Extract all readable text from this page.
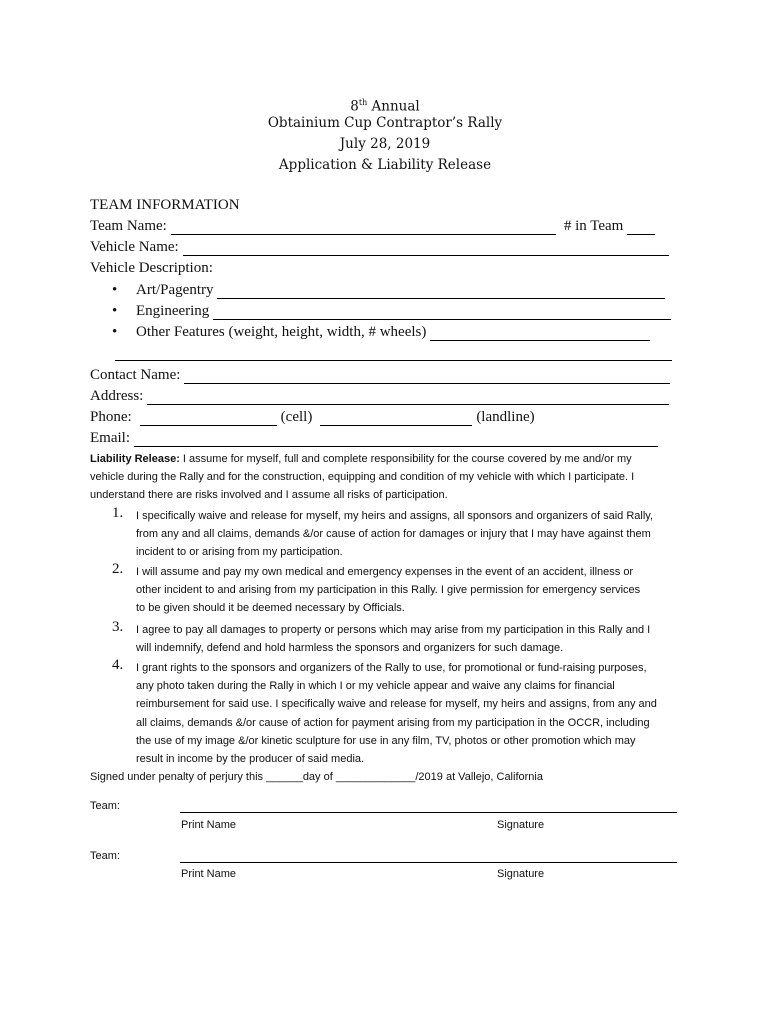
8th Annual
Obtainium Cup Contraptor’s Rally
July 28, 2019
Application & Liability Release
TEAM INFORMATION
Team Name:	# in Team
Vehicle Name:
Vehicle Description:
•	Art/Pagentry
•	Engineering
•	Other Features (weight, height, width, # wheels)
Contact Name:
Address:
Phone:	(cell)	(landline)
Email:
Liability Release: I assume for myself, full and complete responsibility for the course covered by me and/or my
vehicle during the Rally and for the construction, equipping and condition of my vehicle with which I participate. I
understand there are risks involved and I assume all risks of participation.
1. I specifically waive and release for myself, my heirs and assigns, all sponsors and organizers of said Rally,
from any and all claims, demands &/or cause of action for damages or injury that I may have against them
incident to or arising from my participation.
2. I will assume and pay my own medical and emergency expenses in the event of an accident, illness or
other incident to and arising from my participation in this Rally. I give permission for emergency services
to be given should it be deemed necessary by Officials.
3. I agree to pay all damages to property or persons which may arise from my participation in this Rally and I
will indemnify, defend and hold harmless the sponsors and organizers for such damage.
4. I grant rights to the sponsors and organizers of the Rally to use, for promotional or fund-raising purposes,
any photo taken during the Rally in which I or my vehicle appear and waive any claims for financial
reimbursement for said use. I specifically waive and release for myself, my heirs and assigns, from any and
all claims, demands &/or cause of action for payment arising from my participation in the OCCR, including
the use of my image &/or kinetic sculpture for use in any film, TV, photos or other promotion which may
result in income by the producer of said media.
Signed under penalty of perjury this ______day of _____________/2019 at Vallejo, California
Team:
Print Name	Signature
Team:
Print Name	Signature
